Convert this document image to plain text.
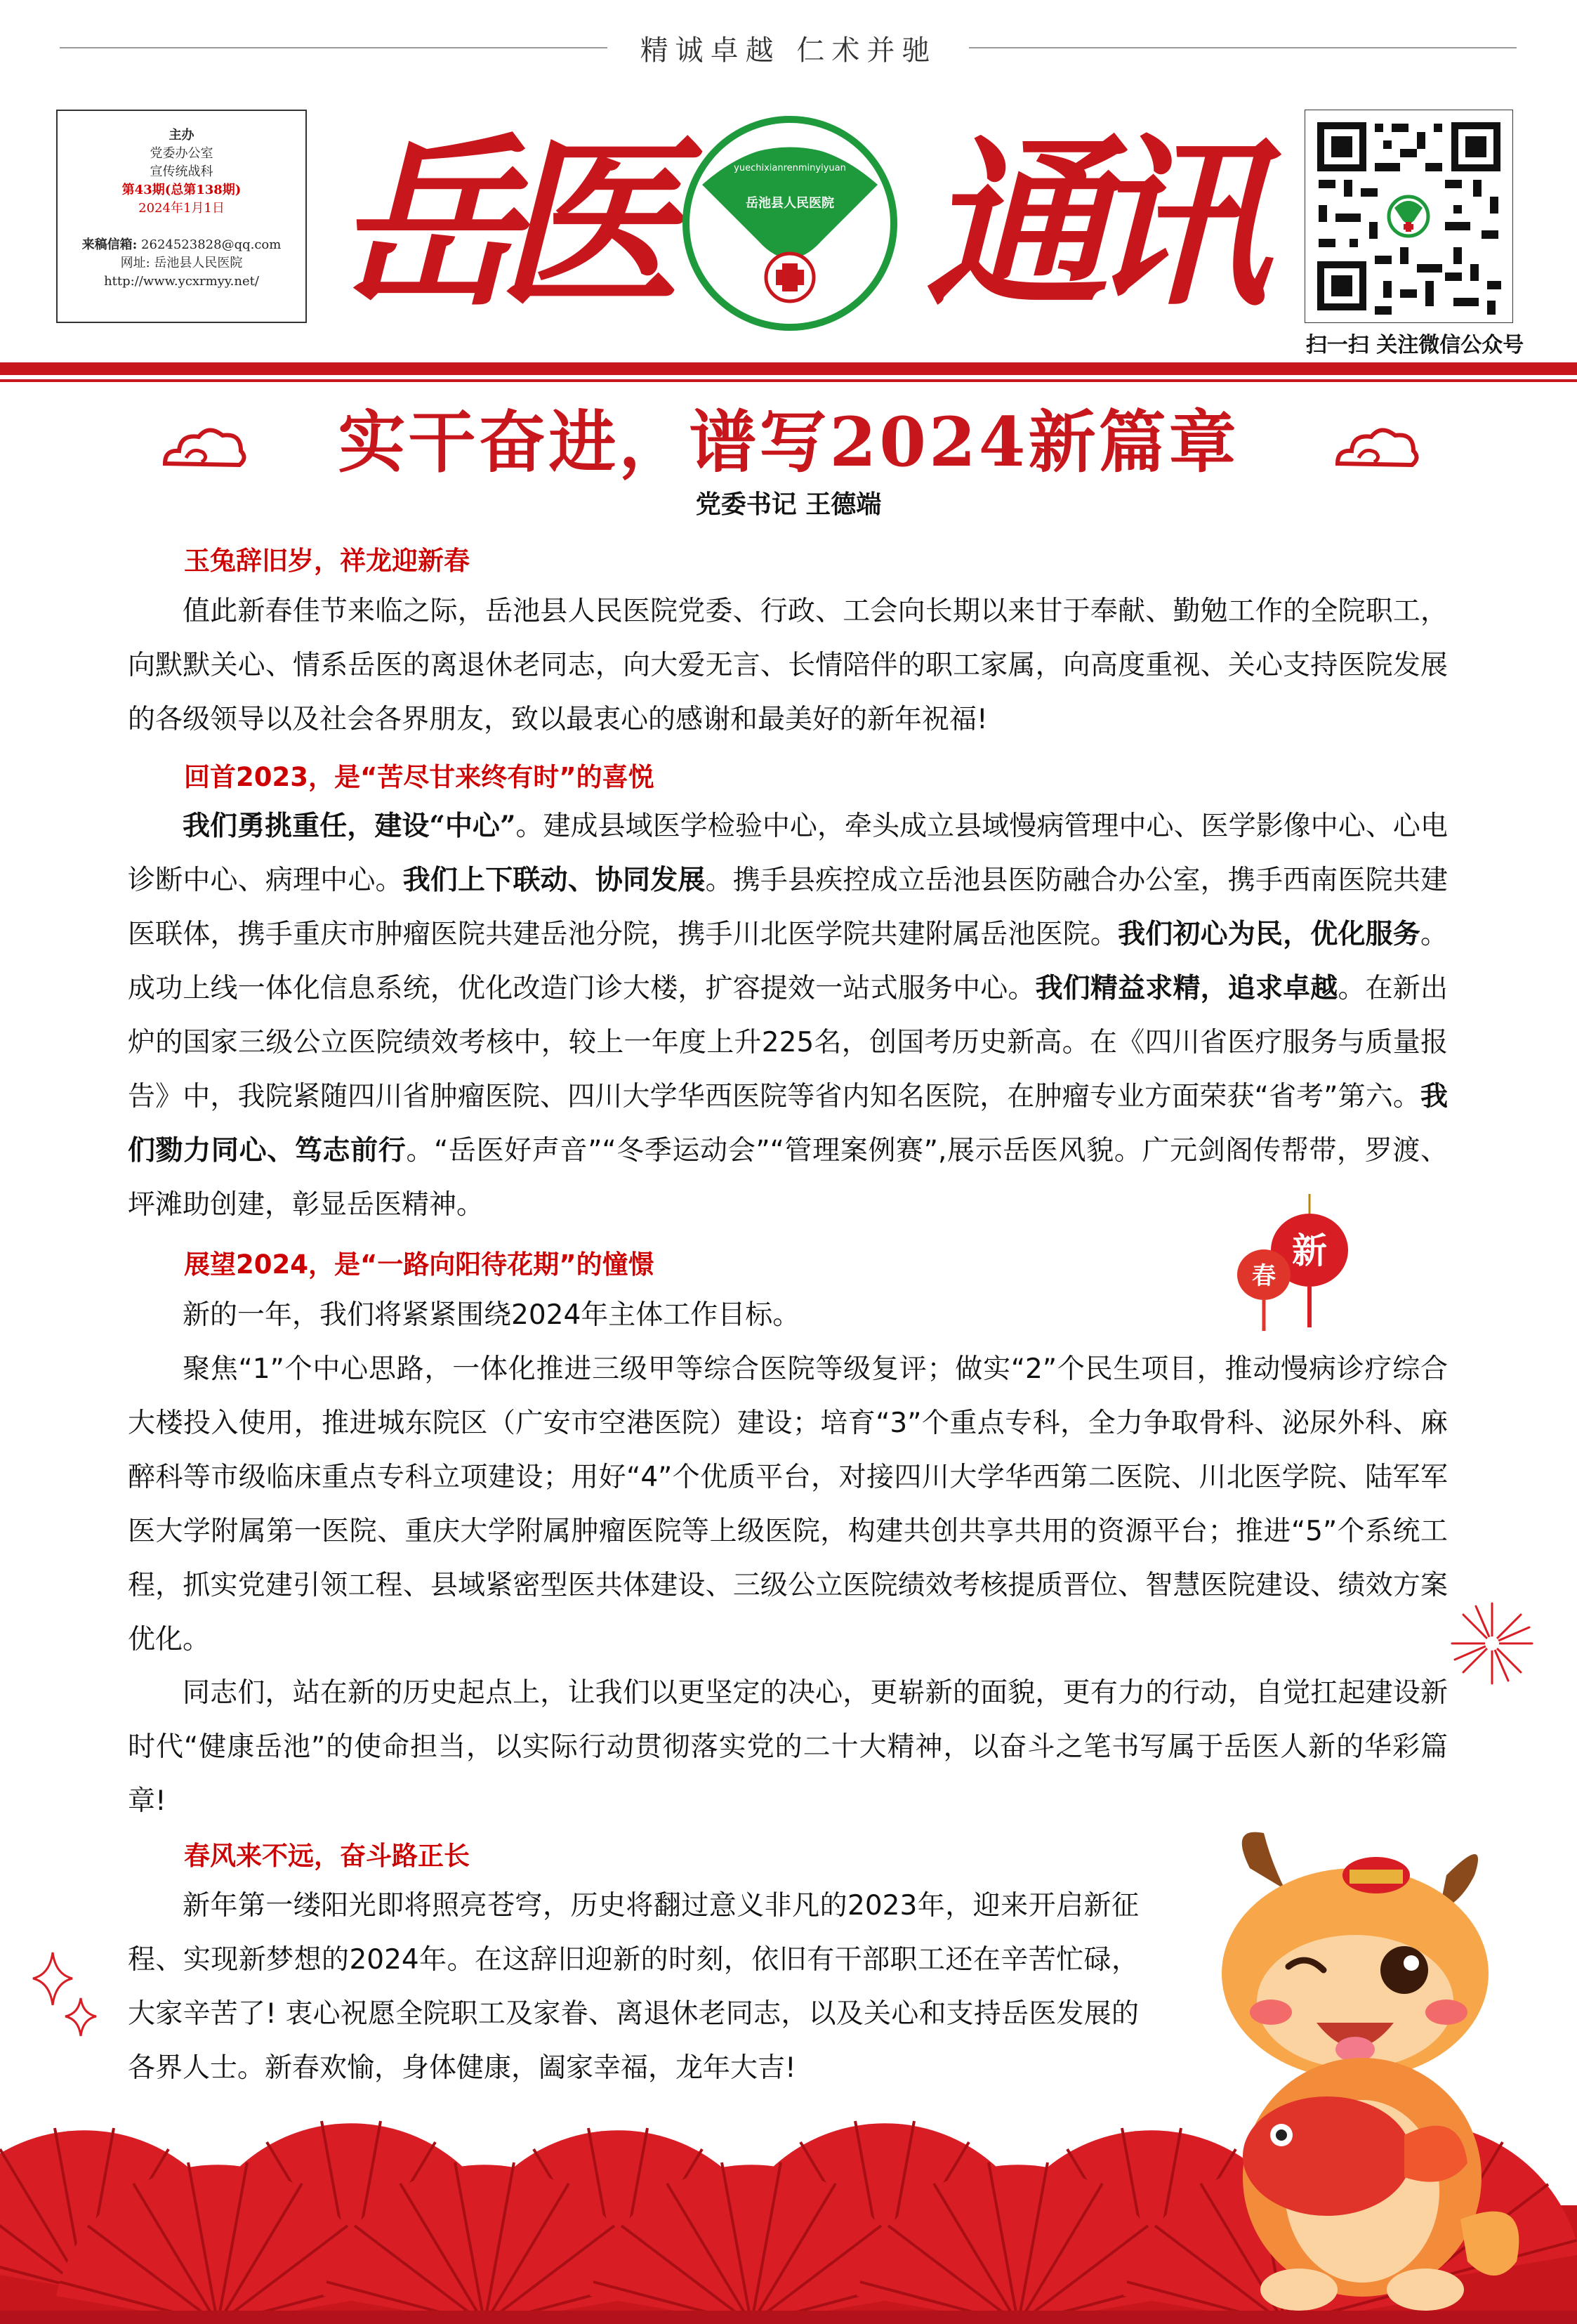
精诚卓越 仁术并驰
主办
党委办公室
宣传统战科
第43期(总第138期)
2024年1月1日
来稿信箱: 2624523828@qq.com
网址: 岳池县人民医院
http://www.ycxrmyy.net/ 岳
医 通
讯
yuechixianrenminyiyuan
岳池县人民医院
扫一扫 关注微信公众号
实干奋进，谱写2024新篇章
党委书记 王德端
玉兔辞旧岁，祥龙迎新春
值此新春佳节来临之际，岳池县人民医院党委、行政、工会向长期以来甘于奉献、勤勉工作的全院职工，向默默关心、情系岳医的离退休老同志，向大爱无言、长情陪伴的职工家属，向高度重视、关心支持医院发展的各级领导以及社会各界朋友，致以最衷心的感谢和最美好的新年祝福!
回首2023，是“苦尽甘来终有时”的喜悦
我们勇挑重任，建设“中心”。建成县域医学检验中心，牵头成立县域慢病管理中心、医学影像中心、心电诊断中心、病理中心。我们上下联动、协同发展。携手县疾控成立岳池县医防融合办公室，携手西南医院共建医联体，携手重庆市肿瘤医院共建岳池分院，携手川北医学院共建附属岳池医院。我们初心为民，优化服务。成功上线一体化信息系统，优化改造门诊大楼，扩容提效一站式服务中心。我们精益求精，追求卓越。在新出炉的国家三级公立医院绩效考核中，较上一年度上升225名，创国考历史新高。在《四川省医疗服务与质量报告》中，我院紧随四川省肿瘤医院、四川大学华西医院等省内知名医院，在肿瘤专业方面荣获“省考”第六。我们勠力同心、笃志前行。“岳医好声音”“冬季运动会”“管理案例赛”,展示岳医风貌。广元剑阁传帮带，罗渡、坪滩助创建，彰显岳医精神。
展望2024，是“一路向阳待花期”的憧憬
新的一年，我们将紧紧围绕2024年主体工作目标。
聚焦“1”个中心思路，一体化推进三级甲等综合医院等级复评；做实“2”个民生项目，推动慢病诊疗综合大楼投入使用，推进城东院区（广安市空港医院）建设；培育“3”个重点专科，全力争取骨科、泌尿外科、麻醉科等市级临床重点专科立项建设；用好“4”个优质平台，对接四川大学华西第二医院、川北医学院、陆军军医大学附属第一医院、重庆大学附属肿瘤医院等上级医院，构建共创共享共用的资源平台；推进“5”个系统工程，抓实党建引领工程、县域紧密型医共体建设、三级公立医院绩效考核提质晋位、智慧医院建设、绩效方案优化。
同志们，站在新的历史起点上，让我们以更坚定的决心，更崭新的面貌，更有力的行动，自觉扛起建设新时代“健康岳池”的使命担当，以实际行动贯彻落实党的二十大精神，以奋斗之笔书写属于岳医人新的华彩篇章!
春风来不远，奋斗路正长
新年第一缕阳光即将照亮苍穹，历史将翻过意义非凡的2023年，迎来开启新征程、实现新梦想的2024年。在这辞旧迎新的时刻，依旧有干部职工还在辛苦忙碌，大家辛苦了! 衷心祝愿全院职工及家眷、离退休老同志，以及关心和支持岳医发展的各界人士。新春欢愉，身体健康，阖家幸福，龙年大吉!
新
春
